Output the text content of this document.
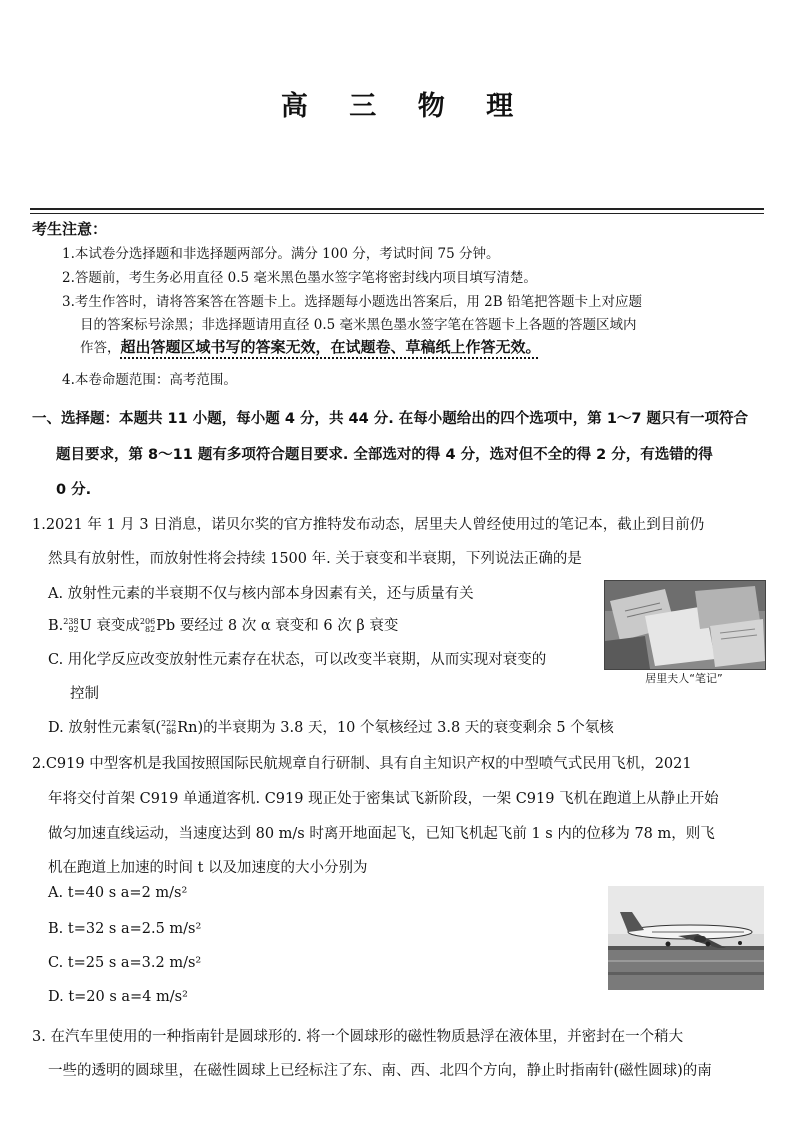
高 三 物 理
考生注意：
1.本试卷分选择题和非选择题两部分。满分 100 分，考试时间 75 分钟。
2.答题前，考生务必用直径 0.5 毫米黑色墨水签字笔将密封线内项目填写清楚。
3.考生作答时，请将答案答在答题卡上。选择题每小题选出答案后，用 2B 铅笔把答题卡上对应题
目的答案标号涂黑；非选择题请用直径 0.5 毫米黑色墨水签字笔在答题卡上各题的答题区域内
作答，超出答题区域书写的答案无效，在试题卷、草稿纸上作答无效。
4.本卷命题范围：高考范围。
一、选择题：本题共 11 小题，每小题 4 分，共 44 分. 在每小题给出的四个选项中，第 1～7 题只有一项符合
题目要求，第 8～11 题有多项符合题目要求. 全部选对的得 4 分，选对但不全的得 2 分，有选错的得
0 分.
1.2021 年 1 月 3 日消息，诺贝尔奖的官方推特发布动态，居里夫人曾经使用过的笔记本，截止到目前仍
然具有放射性，而放射性将会持续 1500 年. 关于衰变和半衰期，下列说法正确的是
A. 放射性元素的半衰期不仅与核内部本身因素有关，还与质量有关
B.238
92U 衰变成206
82Pb 要经过 8 次 α 衰变和 6 次 β 衰变
C. 用化学反应改变放射性元素存在状态，可以改变半衰期，从而实现对衰变的
控制
D. 放射性元素氡(222
86Rn)的半衰期为 3.8 天，10 个氡核经过 3.8 天的衰变剩余 5 个氡核
居里夫人“笔记”
2.C919 中型客机是我国按照国际民航规章自行研制、具有自主知识产权的中型喷气式民用飞机，2021
年将交付首架 C919 单通道客机. C919 现正处于密集试飞新阶段，一架 C919 飞机在跑道上从静止开始
做匀加速直线运动，当速度达到 80 m/s 时离开地面起飞，已知飞机起飞前 1 s 内的位移为 78 m，则飞
机在跑道上加速的时间 t 以及加速度的大小分别为
A. t=40 s a=2 m/s²
B. t=32 s a=2.5 m/s²
C. t=25 s a=3.2 m/s²
D. t=20 s a=4 m/s²
3. 在汽车里使用的一种指南针是圆球形的. 将一个圆球形的磁性物质悬浮在液体里，并密封在一个稍大
一些的透明的圆球里，在磁性圆球上已经标注了东、南、西、北四个方向，静止时指南针(磁性圆球)的南
